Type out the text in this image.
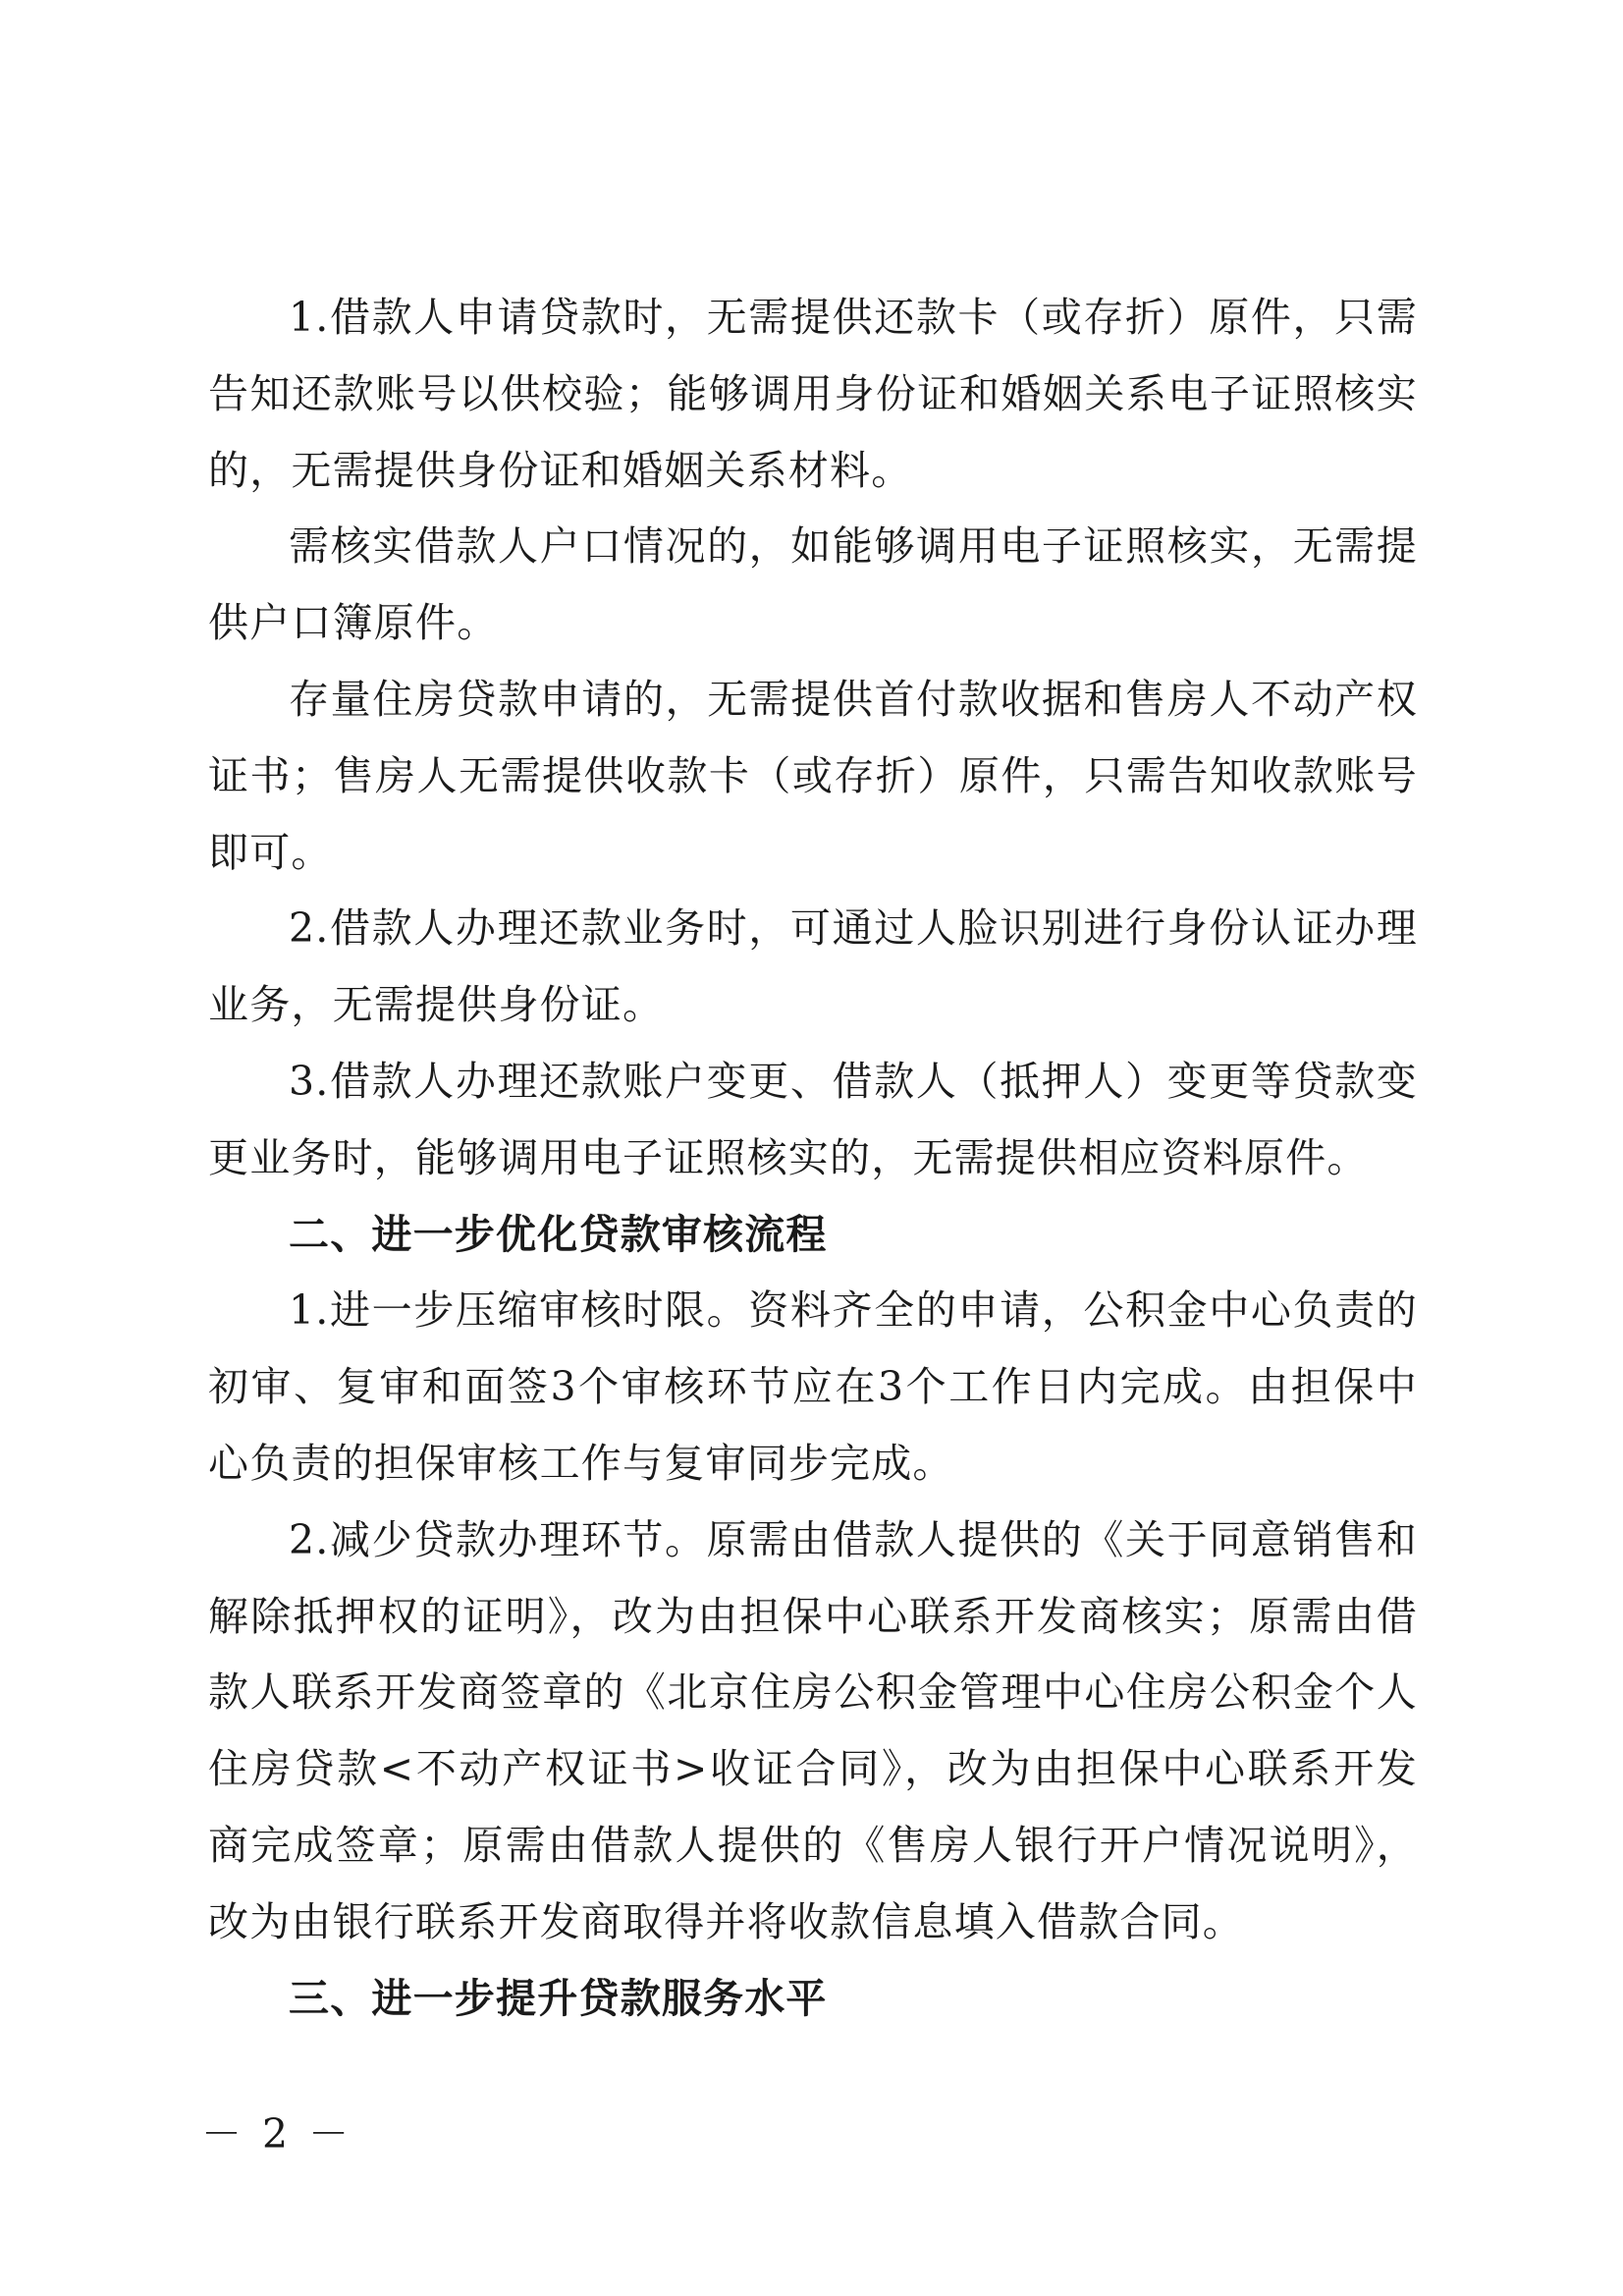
1.借款人申请贷款时，无需提供还款卡（或存折）原件，只需告知还款账号以供校验；能够调用身份证和婚姻关系电子证照核实的，无需提供身份证和婚姻关系材料。

需核实借款人户口情况的，如能够调用电子证照核实，无需提供户口簿原件。

存量住房贷款申请的，无需提供首付款收据和售房人不动产权证书；售房人无需提供收款卡（或存折）原件，只需告知收款账号即可。

2.借款人办理还款业务时，可通过人脸识别进行身份认证办理业务，无需提供身份证。

3.借款人办理还款账户变更、借款人（抵押人）变更等贷款变更业务时，能够调用电子证照核实的，无需提供相应资料原件。

二、进一步优化贷款审核流程

1.进一步压缩审核时限。资料齐全的申请，公积金中心负责的初审、复审和面签3个审核环节应在3个工作日内完成。由担保中心负责的担保审核工作与复审同步完成。

2.减少贷款办理环节。原需由借款人提供的《关于同意销售和解除抵押权的证明》，改为由担保中心联系开发商核实；原需由借款人联系开发商签章的《北京住房公积金管理中心住房公积金个人住房贷款<不动产权证书>收证合同》，改为由担保中心联系开发商完成签章；原需由借款人提供的《售房人银行开户情况说明》，改为由银行联系开发商取得并将收款信息填入借款合同。

三、进一步提升贷款服务水平

－ 2 －
